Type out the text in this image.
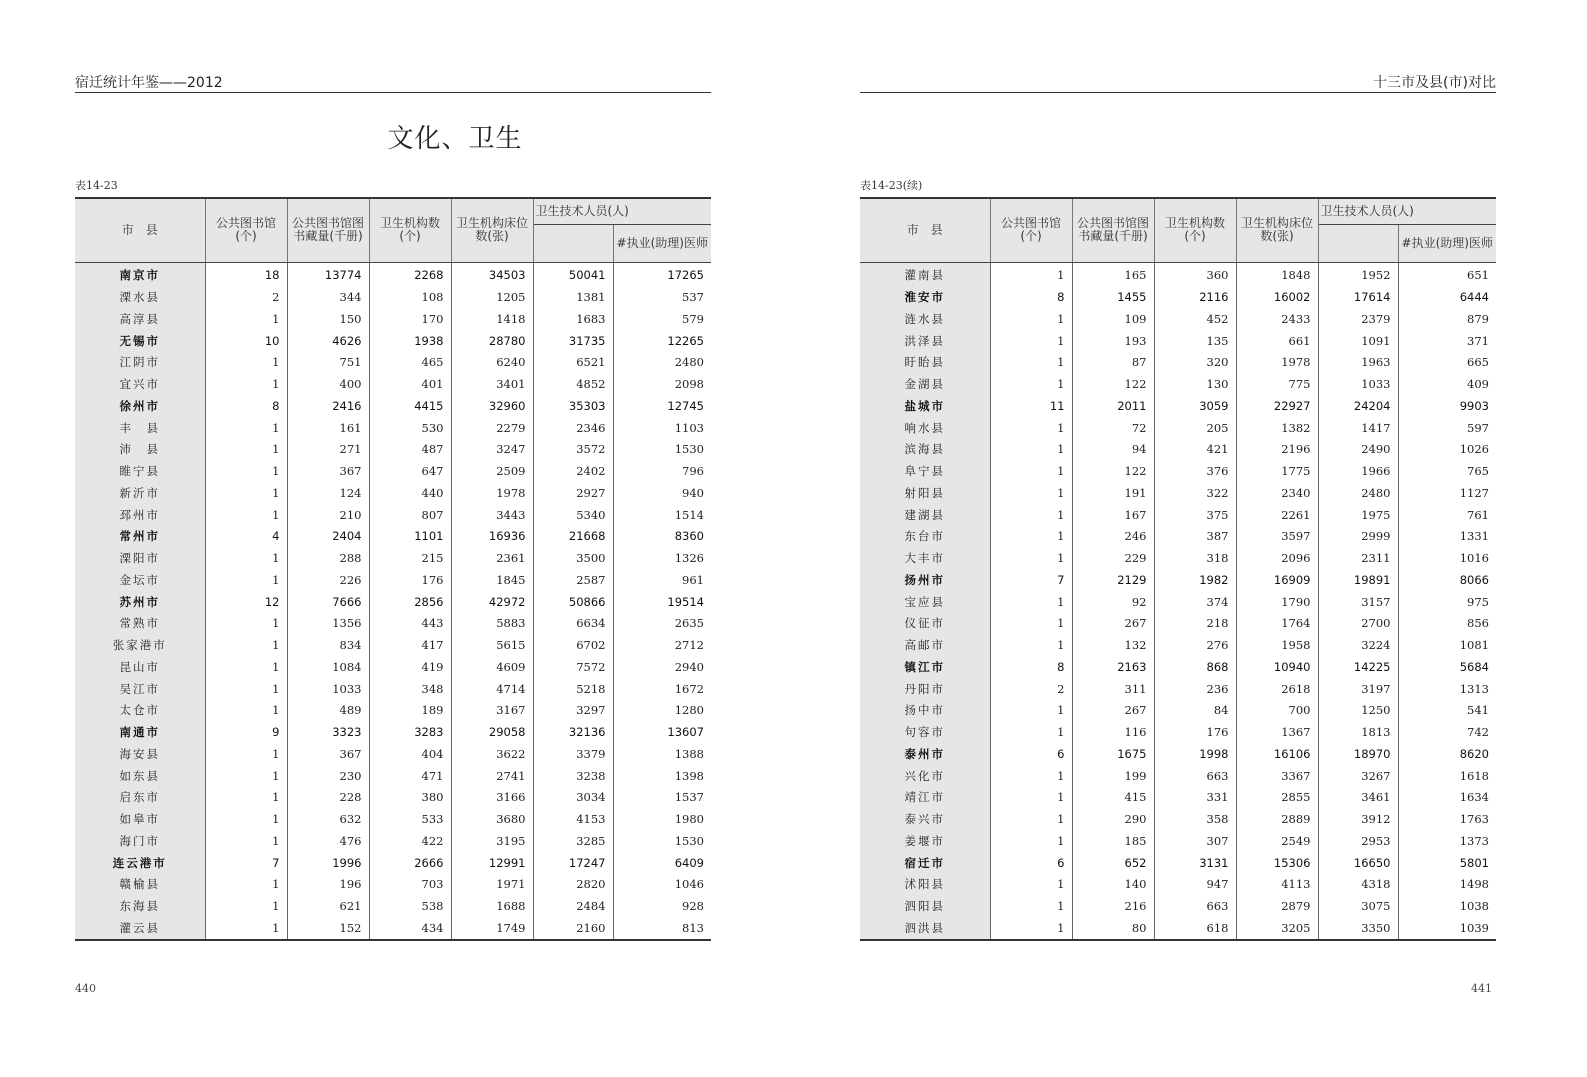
宿迁统计年鉴——2012
文化、卫生
表14-23
市　县	公共图书馆(个)	公共图书馆图书藏量(千册)	卫生机构数(个)	卫生机构床位数(张)	卫生技术人员(人)	
						#执业(助理)医师
南京市	18	13774	2268	34503	50041	17265
溧水县	2	344	108	1205	1381	537
高淳县	1	150	170	1418	1683	579
无锡市	10	4626	1938	28780	31735	12265
江阴市	1	751	465	6240	6521	2480
宜兴市	1	400	401	3401	4852	2098
徐州市	8	2416	4415	32960	35303	12745
丰　县	1	161	530	2279	2346	1103
沛　县	1	271	487	3247	3572	1530
睢宁县	1	367	647	2509	2402	796
新沂市	1	124	440	1978	2927	940
邳州市	1	210	807	3443	5340	1514
常州市	4	2404	1101	16936	21668	8360
溧阳市	1	288	215	2361	3500	1326
金坛市	1	226	176	1845	2587	961
苏州市	12	7666	2856	42972	50866	19514
常熟市	1	1356	443	5883	6634	2635
张家港市	1	834	417	5615	6702	2712
昆山市	1	1084	419	4609	7572	2940
吴江市	1	1033	348	4714	5218	1672
太仓市	1	489	189	3167	3297	1280
南通市	9	3323	3283	29058	32136	13607
海安县	1	367	404	3622	3379	1388
如东县	1	230	471	2741	3238	1398
启东市	1	228	380	3166	3034	1537
如皋市	1	632	533	3680	4153	1980
海门市	1	476	422	3195	3285	1530
连云港市	7	1996	2666	12991	17247	6409
赣榆县	1	196	703	1971	2820	1046
东海县	1	621	538	1688	2484	928
灌云县	1	152	434	1749	2160	813
440
十三市及县(市)对比
表14-23(续)
市　县	公共图书馆(个)	公共图书馆图书藏量(千册)	卫生机构数(个)	卫生机构床位数(张)	卫生技术人员(人)	
						#执业(助理)医师
灌南县	1	165	360	1848	1952	651
淮安市	8	1455	2116	16002	17614	6444
涟水县	1	109	452	2433	2379	879
洪泽县	1	193	135	661	1091	371
盱眙县	1	87	320	1978	1963	665
金湖县	1	122	130	775	1033	409
盐城市	11	2011	3059	22927	24204	9903
响水县	1	72	205	1382	1417	597
滨海县	1	94	421	2196	2490	1026
阜宁县	1	122	376	1775	1966	765
射阳县	1	191	322	2340	2480	1127
建湖县	1	167	375	2261	1975	761
东台市	1	246	387	3597	2999	1331
大丰市	1	229	318	2096	2311	1016
扬州市	7	2129	1982	16909	19891	8066
宝应县	1	92	374	1790	3157	975
仪征市	1	267	218	1764	2700	856
高邮市	1	132	276	1958	3224	1081
镇江市	8	2163	868	10940	14225	5684
丹阳市	2	311	236	2618	3197	1313
扬中市	1	267	84	700	1250	541
句容市	1	116	176	1367	1813	742
泰州市	6	1675	1998	16106	18970	8620
兴化市	1	199	663	3367	3267	1618
靖江市	1	415	331	2855	3461	1634
泰兴市	1	290	358	2889	3912	1763
姜堰市	1	185	307	2549	2953	1373
宿迁市	6	652	3131	15306	16650	5801
沭阳县	1	140	947	4113	4318	1498
泗阳县	1	216	663	2879	3075	1038
泗洪县	1	80	618	3205	3350	1039
441
